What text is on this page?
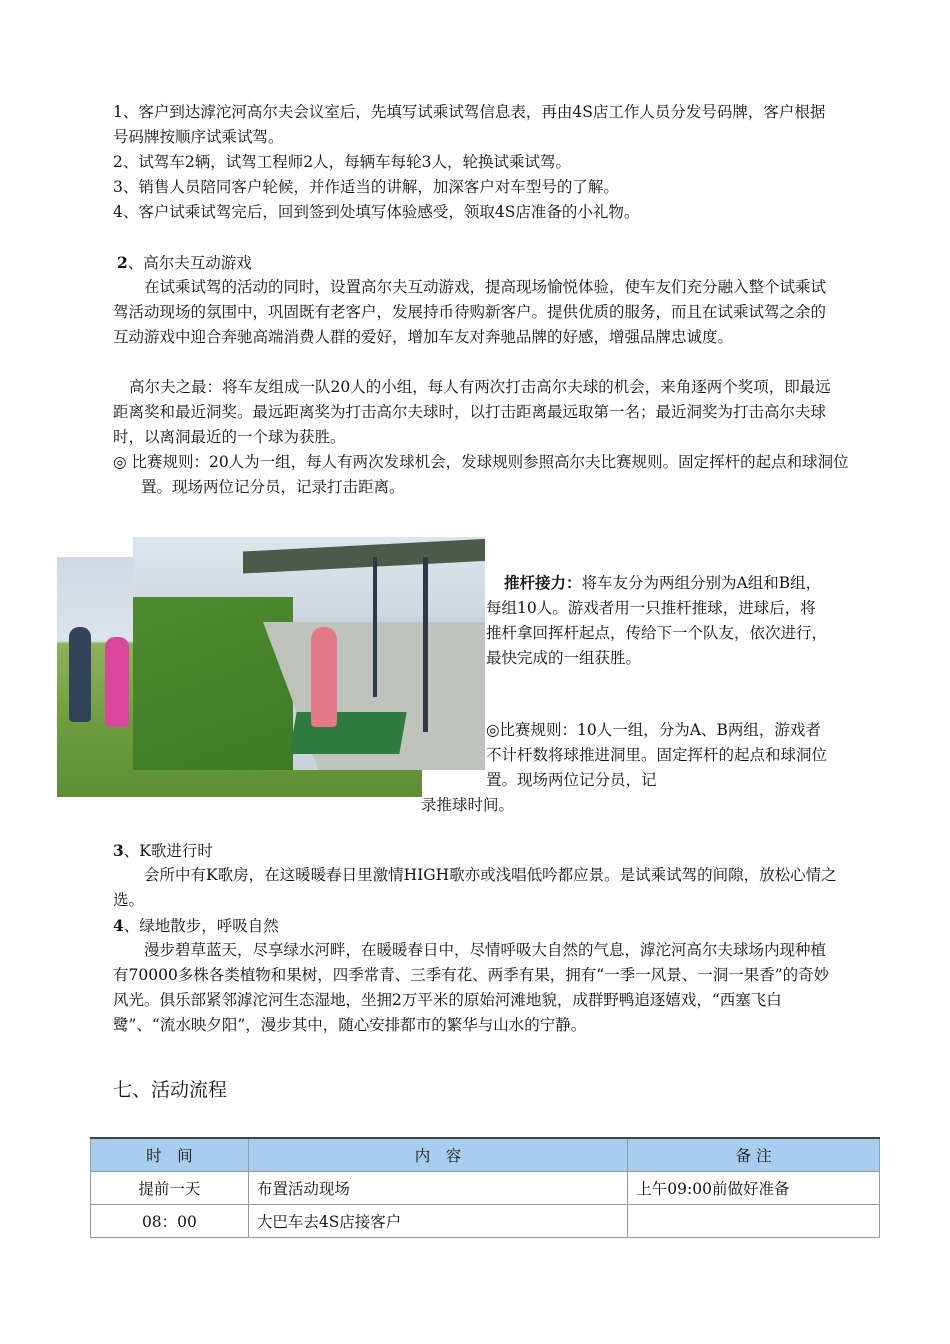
1、客户到达滹沱河高尔夫会议室后，先填写试乘试驾信息表，再由4S店工作人员分发号码牌，客户根据号码牌按顺序试乘试驾。

2、试驾车2辆，试驾工程师2人，每辆车每轮3人，轮换试乘试驾。

3、销售人员陪同客户轮候，并作适当的讲解，加深客户对车型号的了解。

4、客户试乘试驾完后，回到签到处填写体验感受，领取4S店准备的小礼物。

2、高尔夫互动游戏

在试乘试驾的活动的同时，设置高尔夫互动游戏，提高现场愉悦体验，使车友们充分融入整个试乘试驾活动现场的氛围中，巩固既有老客户，发展持币待购新客户。提供优质的服务，而且在试乘试驾之余的互动游戏中迎合奔驰高端消费人群的爱好，增加车友对奔驰品牌的好感，增强品牌忠诚度。

高尔夫之最：将车友组成一队20人的小组，每人有两次打击高尔夫球的机会，来角逐两个奖项，即最远距离奖和最近洞奖。最远距离奖为打击高尔夫球时，以打击距离最远取第一名；最近洞奖为打击高尔夫球时，以离洞最近的一个球为获胜。

◎ 比赛规则：20人为一组，每人有两次发球机会，发球规则参照高尔夫比赛规则。固定挥杆的起点和球洞位置。现场两位记分员，记录打击距离。

推杆接力：将车友分为两组分别为A组和B组，每组10人。游戏者用一只推杆推球，进球后，将推杆拿回挥杆起点，传给下一个队友，依次进行，最快完成的一组获胜。

◎比赛规则：10人一组，分为A、B两组，游戏者不计杆数将球推进洞里。固定挥杆的起点和球洞位置。现场两位记分员，记

录推球时间。

3、K歌进行时

会所中有K歌房，在这暖暖春日里激情HIGH歌亦或浅唱低吟都应景。是试乘试驾的间隙，放松心情之选。

4、绿地散步，呼吸自然

漫步碧草蓝天，尽享绿水河畔，在暖暖春日中，尽情呼吸大自然的气息，滹沱河高尔夫球场内现种植有70000多株各类植物和果树，四季常青、三季有花、两季有果，拥有“一季一风景、一洞一果香”的奇妙风光。俱乐部紧邻滹沱河生态湿地，坐拥2万平米的原始河滩地貌，成群野鸭追逐嬉戏，“西塞飞白鹭”、“流水映夕阳”，漫步其中，随心安排都市的繁华与山水的宁静。

七、活动流程
时　间	内　容	备 注
提前一天	布置活动现场	上午09:00前做好准备
08：00	大巴车去4S店接客户	
